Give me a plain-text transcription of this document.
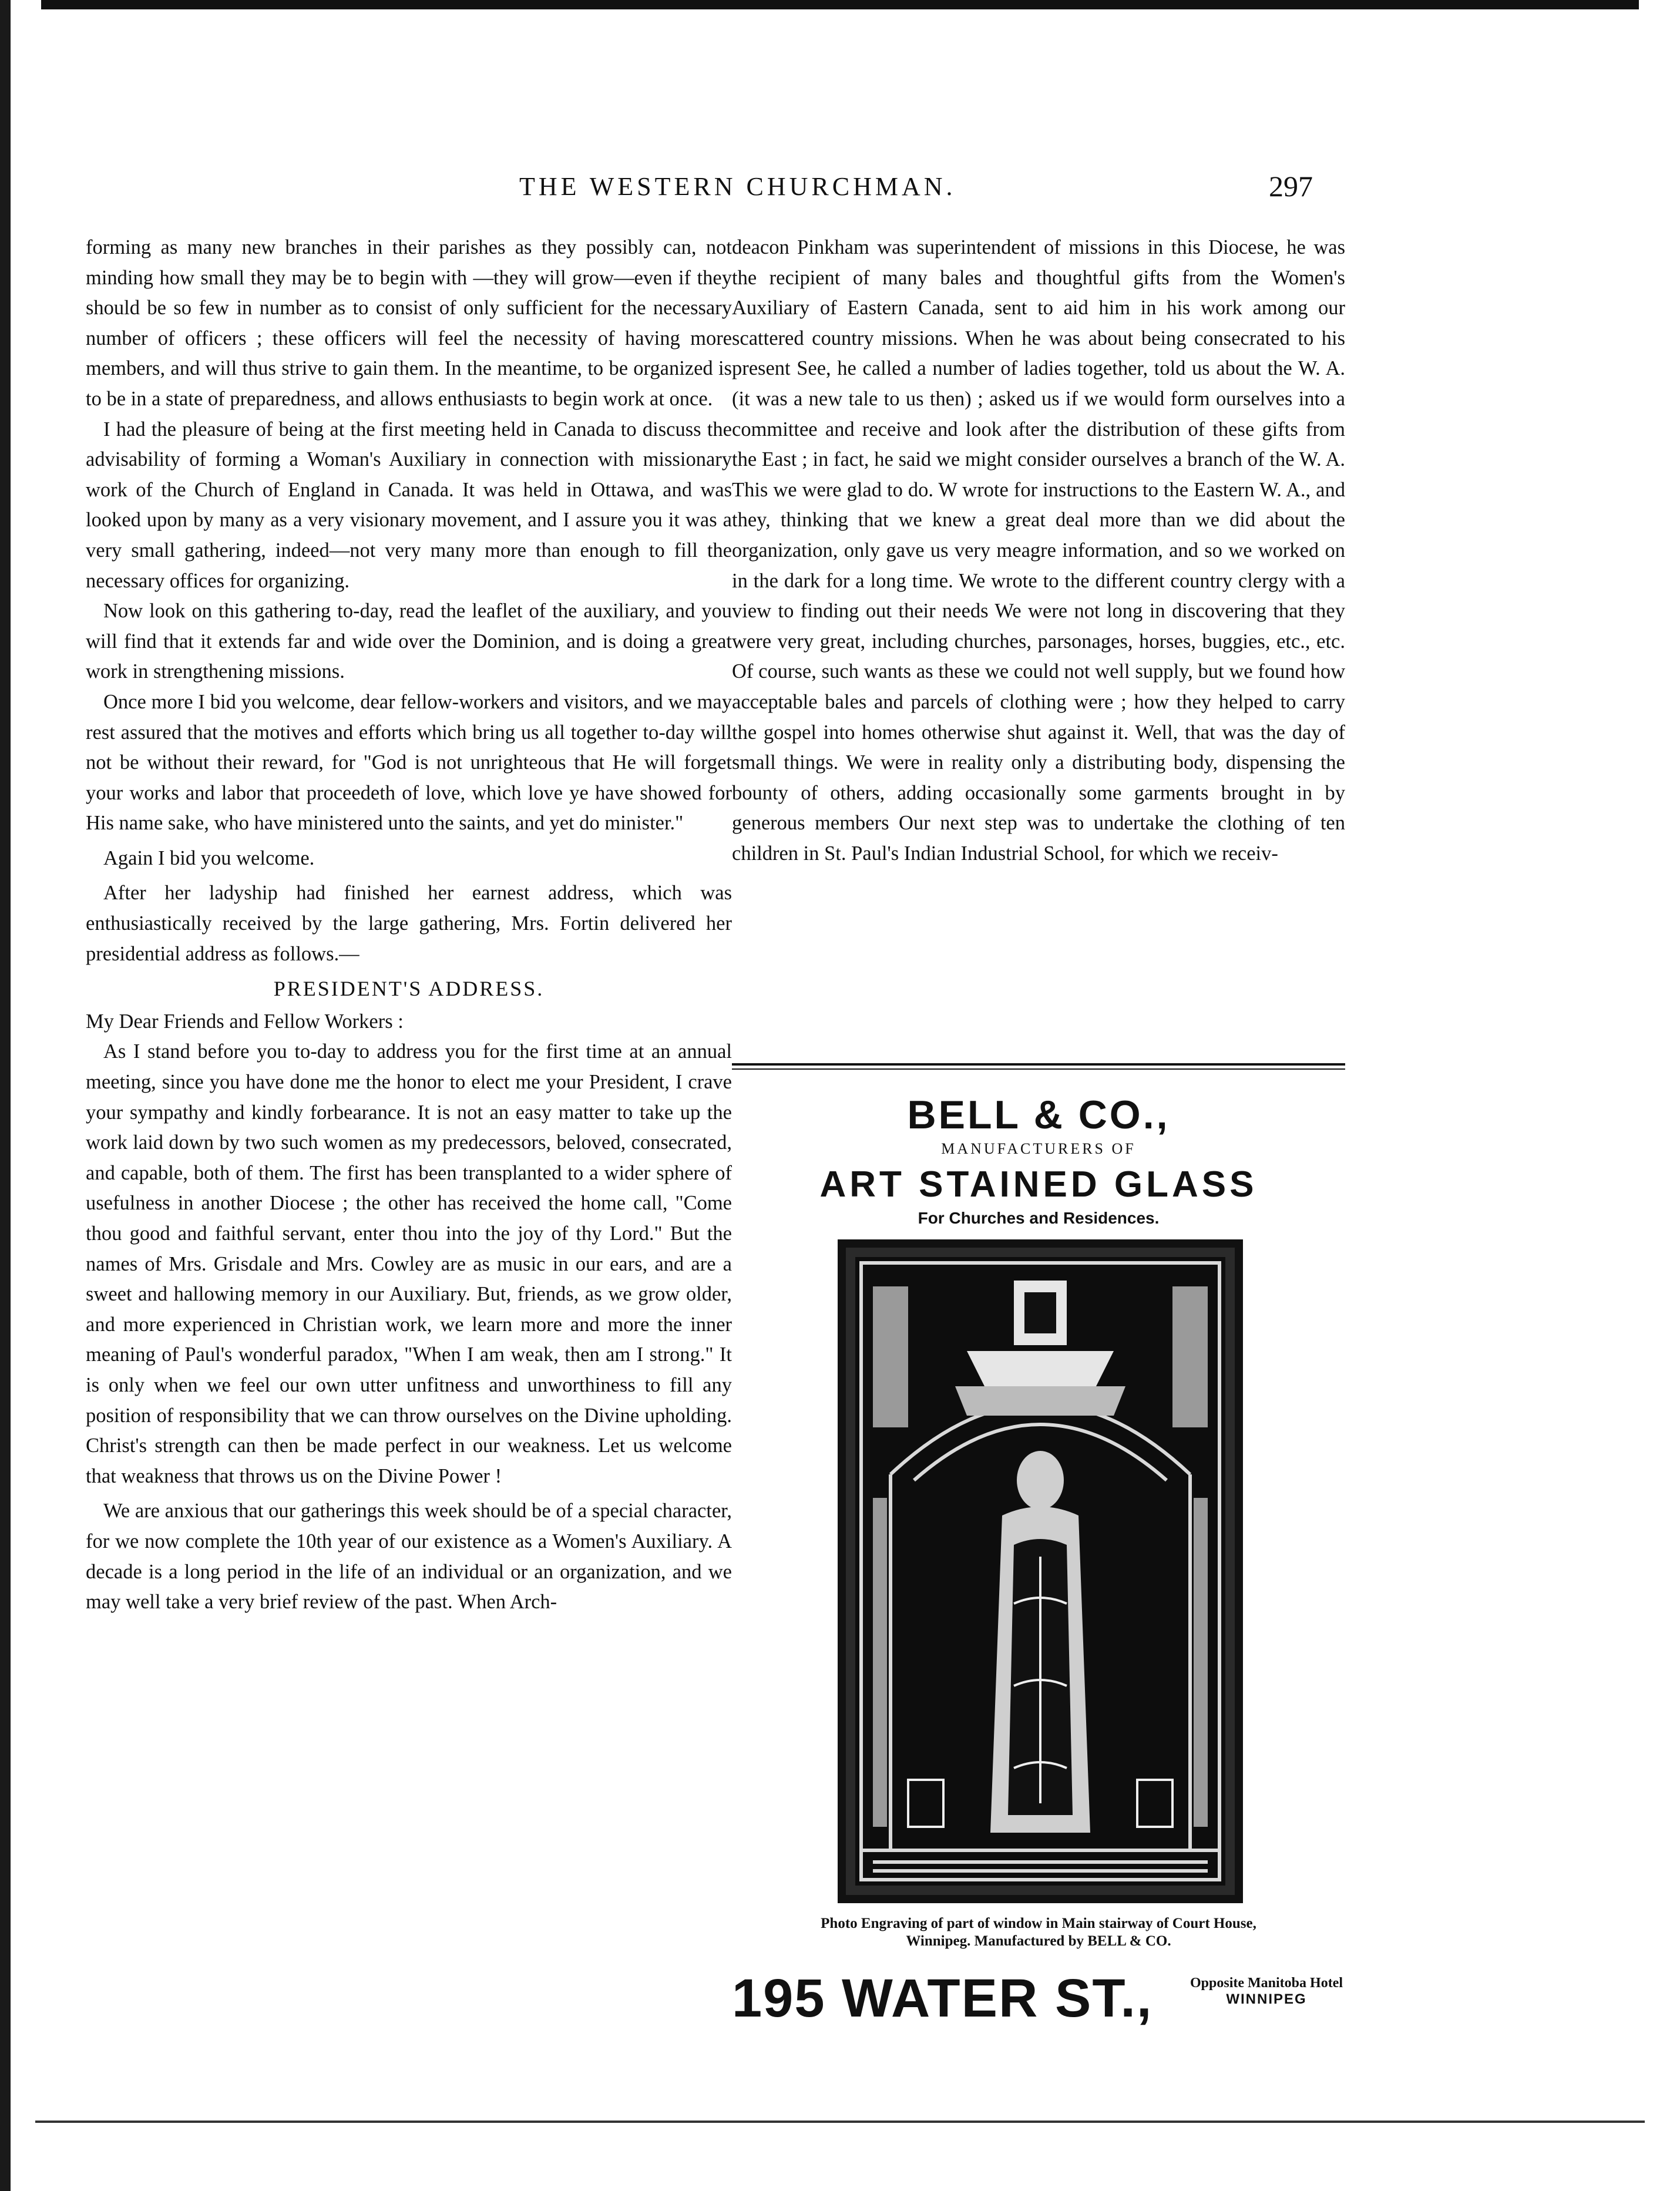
THE WESTERN CHURCHMAN.	297

forming as many new branches in their parishes as they possibly can, not minding how small they may be to begin with —they will grow—even if they should be so few in number as to consist of only sufficient for the necessary number of officers ; these officers will feel the necessity of having more members, and will thus strive to gain them. In the meantime, to be organized is to be in a state of preparedness, and allows enthusiasts to begin work at once.

I had the pleasure of being at the first meeting held in Canada to discuss the advisability of forming a Woman's Auxiliary in connection with missionary work of the Church of England in Canada. It was held in Ottawa, and was looked upon by many as a very visionary movement, and I assure you it was a very small gathering, indeed—not very many more than enough to fill the necessary offices for organizing.

Now look on this gathering to-day, read the leaflet of the auxiliary, and you will find that it extends far and wide over the Dominion, and is doing a great work in strengthening missions.

Once more I bid you welcome, dear fellow-workers and visitors, and we may rest assured that the motives and efforts which bring us all together to-day will not be without their reward, for "God is not unrighteous that He will forget your works and labor that proceedeth of love, which love ye have showed for His name sake, who have ministered unto the saints, and yet do minister."

Again I bid you welcome.

After her ladyship had finished her earnest address, which was enthusiastically received by the large gathering, Mrs. Fortin delivered her presidential address as follows.—

PRESIDENT'S ADDRESS.

My Dear Friends and Fellow Workers :

As I stand before you to-day to address you for the first time at an annual meeting, since you have done me the honor to elect me your President, I crave your sympathy and kindly forbearance. It is not an easy matter to take up the work laid down by two such women as my predecessors, beloved, consecrated, and capable, both of them. The first has been transplanted to a wider sphere of usefulness in another Diocese ; the other has received the home call, "Come thou good and faithful servant, enter thou into the joy of thy Lord." But the names of Mrs. Grisdale and Mrs. Cowley are as music in our ears, and are a sweet and hallowing memory in our Auxiliary. But, friends, as we grow older, and more experienced in Christian work, we learn more and more the inner meaning of Paul's wonderful paradox, "When I am weak, then am I strong." It is only when we feel our own utter unfitness and unworthiness to fill any position of responsibility that we can throw ourselves on the Divine upholding. Christ's strength can then be made perfect in our weakness. Let us welcome that weakness that throws us on the Divine Power !

We are anxious that our gatherings this week should be of a special character, for we now complete the 10th year of our existence as a Women's Auxiliary. A decade is a long period in the life of an individual or an organization, and we may well take a very brief review of the past. When Arch-

deacon Pinkham was superintendent of missions in this Diocese, he was the recipient of many bales and thoughtful gifts from the Women's Auxiliary of Eastern Canada, sent to aid him in his work among our scattered country missions. When he was about being consecrated to his present See, he called a number of ladies together, told us about the W. A. (it was a new tale to us then) ; asked us if we would form ourselves into a committee and receive and look after the distribution of these gifts from the East ; in fact, he said we might consider ourselves a branch of the W. A. This we were glad to do. W wrote for instructions to the Eastern W. A., and they, thinking that we knew a great deal more than we did about the organization, only gave us very meagre information, and so we worked on in the dark for a long time. We wrote to the different country clergy with a view to finding out their needs We were not long in discovering that they were very great, including churches, parsonages, horses, buggies, etc., etc. Of course, such wants as these we could not well supply, but we found how acceptable bales and parcels of clothing were ; how they helped to carry the gospel into homes otherwise shut against it. Well, that was the day of small things. We were in reality only a distributing body, dispensing the bounty of others, adding occasionally some garments brought in by generous members Our next step was to undertake the clothing of ten children in St. Paul's Indian Industrial School, for which we receiv-

BELL & CO.,
MANUFACTURERS OF
ART STAINED GLASS
For Churches and Residences.
Photo Engraving of part of window in Main stairway of Court House,
Winnipeg. Manufactured by BELL & CO.
195 WATER ST.,	Opposite Manitoba Hotel
WINNIPEG
